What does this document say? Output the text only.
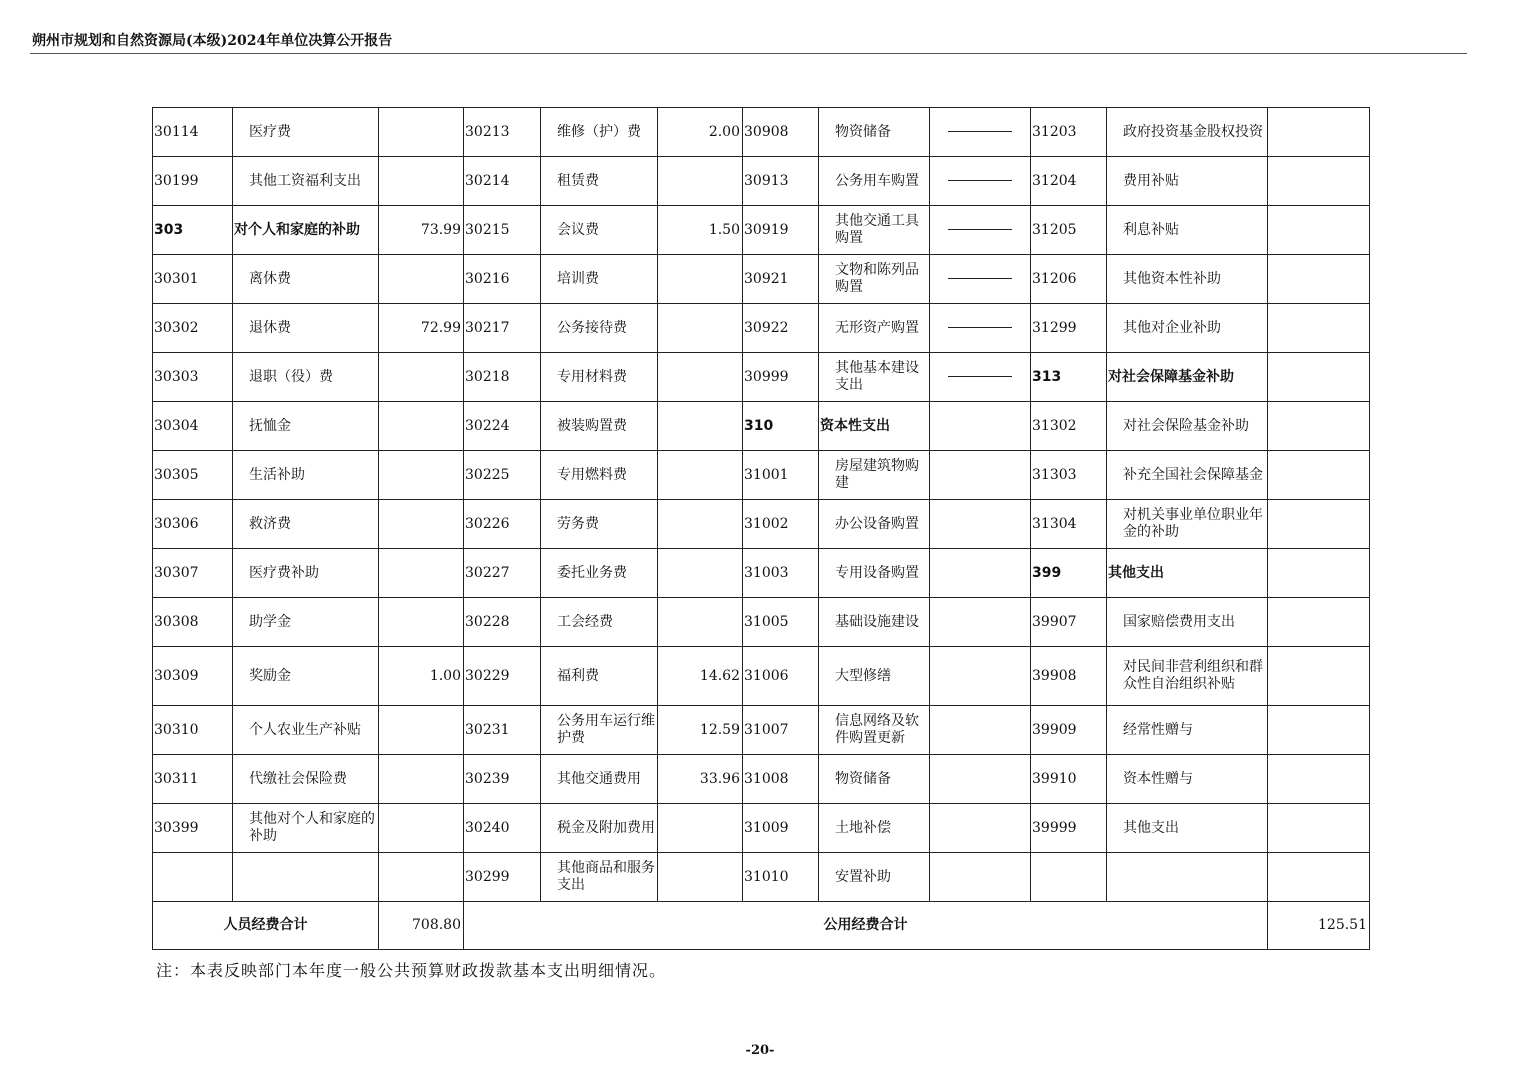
朔州市规划和自然资源局(本级)2024年单位决算公开报告
30114	医疗费		30213	维修（护）费	2.00	30908	物资储备		31203	政府投资基金股权投资	
30199	其他工资福利支出		30214	租赁费		30913	公务用车购置		31204	费用补贴	
303	对个人和家庭的补助	73.99	30215	会议费	1.50	30919	其他交通工具购置		31205	利息补贴	
30301	离休费		30216	培训费		30921	文物和陈列品购置		31206	其他资本性补助	
30302	退休费	72.99	30217	公务接待费		30922	无形资产购置		31299	其他对企业补助	
30303	退职（役）费		30218	专用材料费		30999	其他基本建设支出		313	对社会保障基金补助	
30304	抚恤金		30224	被装购置费		310	资本性支出		31302	对社会保险基金补助	
30305	生活补助		30225	专用燃料费		31001	房屋建筑物购建		31303	补充全国社会保障基金	
30306	救济费		30226	劳务费		31002	办公设备购置		31304	对机关事业单位职业年金的补助	
30307	医疗费补助		30227	委托业务费		31003	专用设备购置		399	其他支出	
30308	助学金		30228	工会经费		31005	基础设施建设		39907	国家赔偿费用支出	
30309	奖励金	1.00	30229	福利费	14.62	31006	大型修缮		39908	对民间非营利组织和群众性自治组织补贴	
30310	个人农业生产补贴		30231	公务用车运行维护费	12.59	31007	信息网络及软件购置更新		39909	经常性赠与	
30311	代缴社会保险费		30239	其他交通费用	33.96	31008	物资储备		39910	资本性赠与	
30399	其他对个人和家庭的补助		30240	税金及附加费用		31009	土地补偿		39999	其他支出	
			30299	其他商品和服务支出		31010	安置补助				
人员经费合计		708.80	公用经费合计								125.51
注：本表反映部门本年度一般公共预算财政拨款基本支出明细情况。
-20-
